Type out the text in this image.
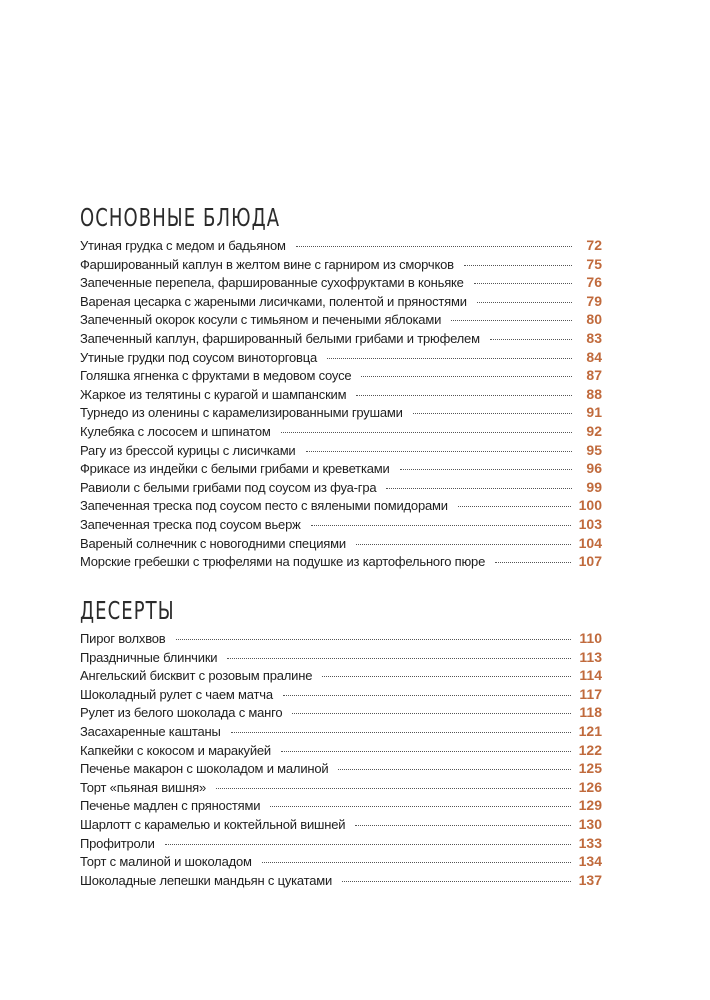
ОСНОВНЫЕ БЛЮДА
Утиная грудка с медом и бадьяном	72
Фаршированный каплун в желтом вине с гарниром из сморчков	75
Запеченные перепела, фаршированные сухофруктами в коньяке	76
Вареная цесарка с жареными лисичками, полентой и пряностями	79
Запеченный окорок косули с тимьяном и печеными яблоками	80
Запеченный каплун, фаршированный белыми грибами и трюфелем	83
Утиные грудки под соусом виноторговца	84
Голяшка ягненка с фруктами в медовом соусе	87
Жаркое из телятины с курагой и шампанским	88
Турнедо из оленины с карамелизированными грушами	91
Кулебяка с лососем и шпинатом	92
Рагу из брессой курицы с лисичками	95
Фрикасе из индейки с белыми грибами и креветками	96
Равиоли с белыми грибами под соусом из фуа-гра	99
Запеченная треска под соусом песто с вялеными помидорами	100
Запеченная треска под соусом вьерж	103
Вареный солнечник с новогодними специями	104
Морские гребешки с трюфелями на подушке из картофельного пюре	107
ДЕСЕРТЫ
Пирог волхвов	110
Праздничные блинчики	113
Ангельский бисквит с розовым пралине	114
Шоколадный рулет с чаем матча	117
Рулет из белого шоколада с манго	118
Засахаренные каштаны	121
Капкейки с кокосом и маракуйей	122
Печенье макарон с шоколадом и малиной	125
Торт «пьяная вишня»	126
Печенье мадлен с пряностями	129
Шарлотт с карамелью и коктейльной вишней	130
Профитроли	133
Торт с малиной и шоколадом	134
Шоколадные лепешки мандьян с цукатами	137
